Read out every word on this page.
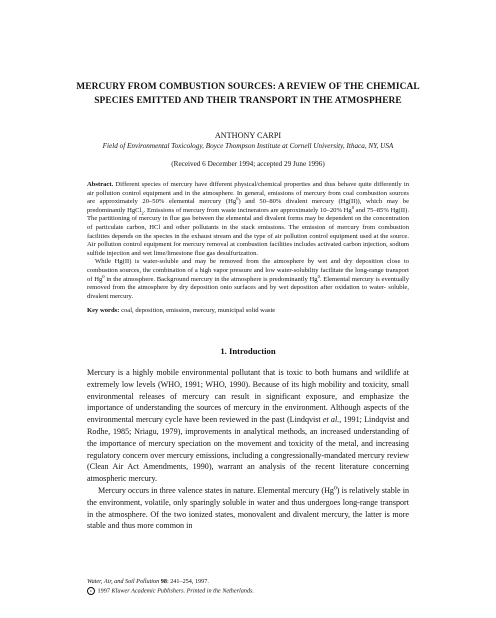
MERCURY FROM COMBUSTION SOURCES: A REVIEW OF THE CHEMICAL SPECIES EMITTED AND THEIR TRANSPORT IN THE ATMOSPHERE
ANTHONY CARPI
Field of Environmental Toxicology, Boyce Thompson Institute at Cornell University, Ithaca, NY, USA
(Received 6 December 1994; accepted 29 June 1996)

Abstract. Different species of mercury have different physical/chemical properties and thus behave quite differently in air pollution control equipment and in the atmosphere. In general, emissions of mercury from coal combustion sources are approximately 20–50% elemental mercury (Hg$^0$) and 50–80% divalent mercury (Hg(II)), which may be predominantly HgCl$_2$. Emissions of mercury from waste incinerators are approximately 10–20% Hg$^0$ and 75–85% Hg(II). The partitioning of mercury in flue gas between the elemental and divalent forms may be dependent on the concentration of particulate carbon, HCl and other pollutants in the stack emissions. The emission of mercury from combustion facilities depends on the species in the exhaust stream and the type of air pollution control equipment used at the source. Air pollution control equipment for mercury removal at combustion facilities includes activated carbon injection, sodium sulfide injection and wet lime/limestone flue gas desulfurization.

While Hg(II) is water-soluble and may be removed from the atmosphere by wet and dry deposition close to combustion sources, the combination of a high vapor pressure and low water-solubility facilitate the long-range transport of Hg$^0$ in the atmosphere. Background mercury in the atmosphere is predominantly Hg$^0$. Elemental mercury is eventually removed from the atmosphere by dry deposition onto surfaces and by wet deposition after oxidation to water- soluble, divalent mercury.

Key words: coal, deposition, emission, mercury, municipal solid waste

1. Introduction

Mercury is a highly mobile environmental pollutant that is toxic to both humans and wildlife at extremely low levels (WHO, 1991; WHO, 1990). Because of its high mobility and toxicity, small environmental releases of mercury can result in significant exposure, and emphasize the importance of understanding the sources of mercury in the environment. Although aspects of the environmental mercury cycle have been reviewed in the past (Lindqvist et al., 1991; Lindqvist and Rodhe, 1985; Nriagu, 1979), improvements in analytical methods, an increased understanding of the importance of mercury speciation on the movement and toxicity of the metal, and increasing regulatory concern over mercury emissions, including a congressionally-mandated mercury review (Clean Air Act Amendments, 1990), warrant an analysis of the recent literature concerning atmospheric mercury.

Mercury occurs in three valence states in nature. Elemental mercury (Hg$^0$) is relatively stable in the environment, volatile, only sparingly soluble in water and thus undergoes long-range transport in the atmosphere. Of the two ionized states, monovalent and divalent mercury, the latter is more stable and thus more common in

Water, Air, and Soil Pollution 98: 241–254, 1997.
c 1997 Kluwer Academic Publishers. Printed in the Netherlands.
